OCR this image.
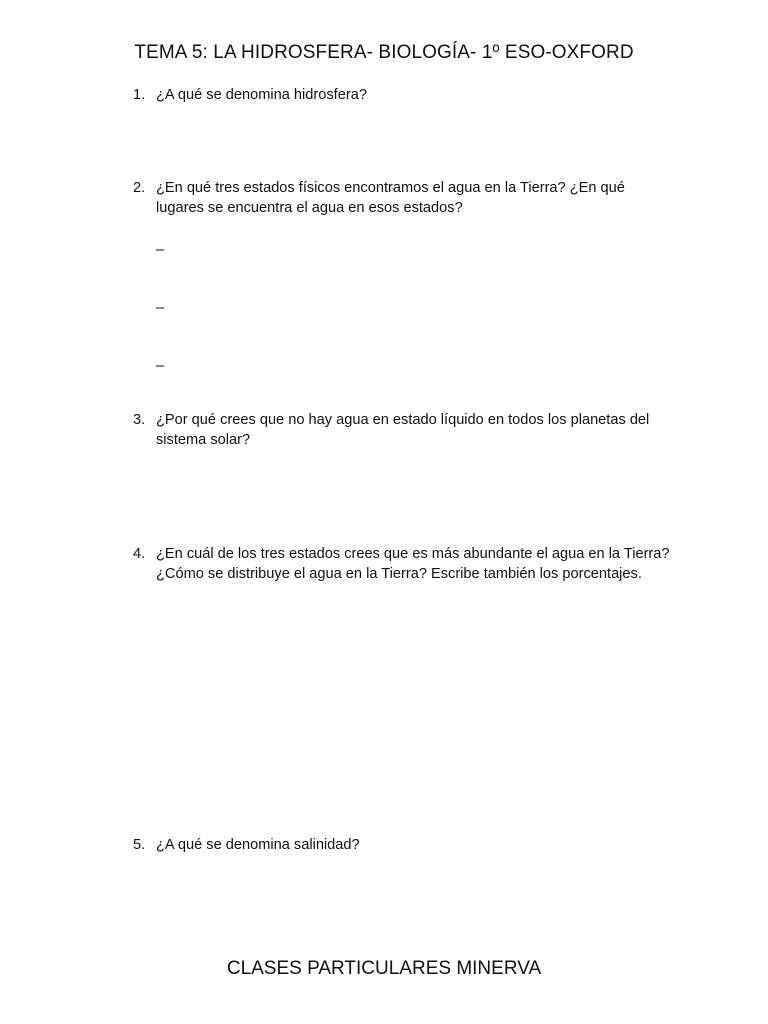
TEMA 5: LA HIDROSFERA- BIOLOGÍA- 1º ESO-OXFORD
1. ¿A qué se denomina hidrosfera?
2. ¿En qué tres estados físicos encontramos el agua en la Tierra? ¿En qué lugares se encuentra el agua en esos estados?
–
–
–
3. ¿Por qué crees que no hay agua en estado líquido en todos los planetas del sistema solar?
4. ¿En cuál de los tres estados crees que es más abundante el agua en la Tierra? ¿Cómo se distribuye el agua en la Tierra? Escribe también los porcentajes.
5. ¿A qué se denomina salinidad?
CLASES PARTICULARES MINERVA
